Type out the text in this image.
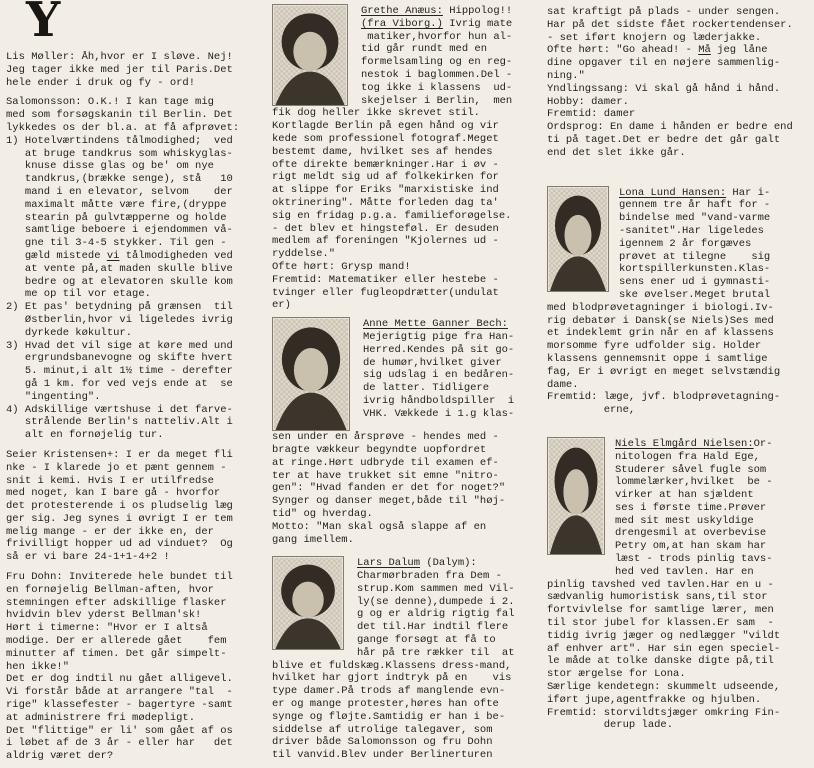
Y
Lis Møller: Åh,hvor er I sløve. Nej!
Jeg tager ikke med jer til Paris.Det
hele ender i druk og fy - ord!
Salomonsson: O.K.! I kan tage mig
med som forsøgskanin til Berlin. Det
lykkedes os der bl.a. at få afprøvet:
1) Hotelværtindens tålmodighed;  ved
at bruge tandkrus som whiskyglas-
knuse disse glas og be' om nye
tandkrus,(brække senge), stå   10
mand i en elevator, selvom    der
maximalt måtte være fire,(dryppe
stearin på gulvtæpperne og holde
samtlige beboere i ejendommen vå-
gne til 3-4-5 stykker. Til gen -
gæld mistede vi tålmodigheden ved
at vente på,at maden skulle blive
bedre og at elevatoren skulle kom
me op til vor etage.
2) Et pas' betydning på grænsen  til
Østberlin,hvor vi ligeledes ivrig
dyrkede køkultur.
3) Hvad det vil sige at køre med und
ergrundsbanevogne og skifte hvert
5. minut,i alt 1½ time - derefter
gå 1 km. for ved vejs ende at  se
"ingenting".
4) Adskillige værtshuse i det farve-
strålende Berlin's natteliv.Alt i
alt en fornøjelig tur.
Seier Kristensen+: I er da meget fli
nke - I klarede jo et pænt gennem -
snit i kemi. Hvis I er utilfredse
med noget, kan I bare gå - hvorfor
det protesterende i os pludselig læg
ger sig. Jeg synes i øvrigt I er tem
melig mange - er der ikke en, der
frivilligt hopper ud ad vinduet?  Og
så er vi bare 24-1+1-4+2 !
Fru Dohn: Inviterede hele bundet til
en fornøjelig Bellman-aften, hvor
stemningen efter adskillige flasker
hvidvin blev yderst Bellman'sk!
Hørt i timerne: "Hvor er I altså
modige. Der er allerede gået    fem
minutter af timen. Det går simpelt-
hen ikke!"
Det er dog indtil nu gået alligevel.
Vi forstår både at arrangere "tal  -
rige" klassefester - bagertyre -samt
at administrere fri mødepligt.
Det "flittige" er li' som gået af os
i løbet af de 3 år - eller har   det
aldrig været der?
Grethe Anæus: Hippolog!!
(fra Viborg.) Ivrig mate
matiker,hvorfor hun al-
tid går rundt med en
formelsamling og en reg-
nestok i baglommen.Del -
tog ikke i klassens  ud-
skejelser i Berlin,  men
fik dog heller ikke skrevet stil.
Kortlagde Berlin på egen hånd og vir
kede som professionel fotograf.Meget
bestemt dame, hvilket ses af hendes
ofte direkte bemærkninger.Har i øv -
rigt meldt sig ud af folkekirken for
at slippe for Eriks "marxistiske ind
oktrinering". Måtte forleden dag ta'
sig en fridag p.g.a. familieforøgelse.
- det blev et hingsteføl. Er desuden
medlem af foreningen "Kjolernes ud -
ryddelse."
Ofte hørt: Grysp mand!
Fremtid: Matematiker eller hestebe -
tvinger eller fugleopdrætter(undulat
er)
Anne Mette Ganner Bech:
Mejerigtig pige fra Han-
Herred.Kendes på sit go-
de humør,hvilket giver
sig udslag i en bedåren-
de latter. Tidligere
ivrig håndboldspiller  i
VHK. Vækkede i 1.g klas-
sen under en årsprøve - hendes med -
bragte vækkeur begyndte uopfordret
at ringe.Hørt udbryde til examen ef-
ter at have trukket sit emne "nitro-
gen": "Hvad fanden er det for noget?"
Synger og danser meget,både til "høj-
tid" og hverdag.
Motto: "Man skal også slappe af en
gang imellem.
Lars Dalum (Dalym):
Charmørbraden fra Dem -
strup.Kom sammen med Vil-
ly(se denne),dumpede i 2.
g og er aldrig rigtig fal
det til.Har indtil flere
gange forsøgt at få to
hår på tre rækker til  at
blive et fuldskæg.Klassens dress-mand,
hvilket har gjort indtryk på en    vis
type damer.På trods af manglende evn-
er og mange protester,høres han ofte
synge og fløjte.Samtidig er han i be-
siddelse af utrolige talegaver, som
driver både Salomonsson og fru Dohn
til vanvid.Blev under Berlinerturen
sat kraftigt på plads - under sengen.
Har på det sidste fået rockertendenser.
- set iført knojern og læderjakke.
Ofte hørt: "Go ahead! - Må jeg låne
dine opgaver til en nøjere sammenlig-
ning."
Yndlingssang: Vi skal gå hånd i hånd.
Hobby: damer.
Fremtid: damer
Ordsprog: En dame i hånden er bedre end
ti på taget.Det er bedre det går galt
end det slet ikke går.
Lona Lund Hansen: Har i-
gennem tre år haft for -
bindelse med "vand-varme
-sanitet".Har ligeledes
igennem 2 år forgæves
prøvet at tilegne    sig
kortspillerkunsten.Klas-
sens ener ud i gymnasti-
ske øvelser.Meget brutal
med blodprøvetagninger i biologi.Iv-
rig debatør i Dansk(se Niels)Ses med
et indeklemt grin når en af klassens
morsomme fyre udfolder sig. Holder
klassens gennemsnit oppe i samtlige
fag, Er i øvrigt en meget selvstændig
dame.
Fremtid: læge, jvf. blodprøvetagning-
erne,
Niels Elmgård Nielsen:Or-
nitologen fra Hald Ege,
Studerer såvel fugle som
lommelærker,hvilket  be -
virker at han sjældent
ses i første time.Prøver
med sit mest uskyldige
drengesmil at overbevise
Petry om,at han skam har
læst - trods pinlig tavs-
hed ved tavlen. Har en
pinlig tavshed ved tavlen.Har en u -
sædvanlig humoristisk sans,til stor
fortvivlelse for samtlige lærer, men
til stor jubel for klassen.Er sam  -
tidig ivrig jæger og nedlægger "vildt
af enhver art". Har sin egen speciel-
le måde at tolke danske digte på,til
stor ærgelse for Lona.
Særlige kendetegn: skummelt udseende,
iført jupe,agentfrakke og hjulben.
Fremtid: storvildtsjæger omkring Fin-
derup lade.
